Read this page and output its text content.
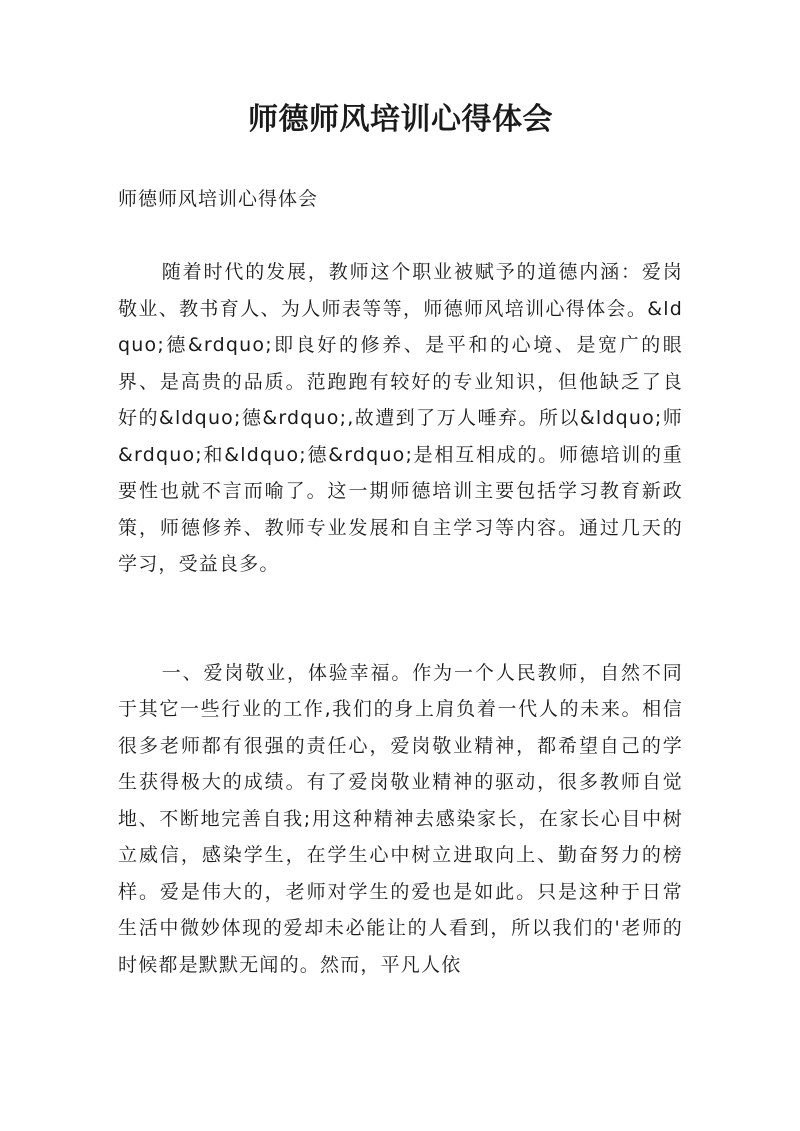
师德师风培训心得体会

师德师风培训心得体会

随着时代的发展，教师这个职业被赋予的道德内涵：爱岗敬业、教书育人、为人师表等等，师德师风培训心得体会。&ldquo;德&rdquo;即良好的修养、是平和的心境、是宽广的眼界、是高贵的品质。范跑跑有较好的专业知识，但他缺乏了良好的&ldquo;德&rdquo;,故遭到了万人唾弃。所以&ldquo;师&rdquo;和&ldquo;德&rdquo;是相互相成的。师德培训的重要性也就不言而喻了。这一期师德培训主要包括学习教育新政策，师德修养、教师专业发展和自主学习等内容。通过几天的学习，受益良多。

一、爱岗敬业，体验幸福。作为一个人民教师，自然不同于其它一些行业的工作,我们的身上肩负着一代人的未来。相信很多老师都有很强的责任心，爱岗敬业精神，都希望自己的学生获得极大的成绩。有了爱岗敬业精神的驱动，很多教师自觉地、不断地完善自我;用这种精神去感染家长，在家长心目中树立威信，感染学生，在学生心中树立进取向上、勤奋努力的榜样。爱是伟大的，老师对学生的爱也是如此。只是这种于日常生活中微妙体现的爱却未必能让的人看到，所以我们的'老师的时候都是默默无闻的。然而，平凡人依
